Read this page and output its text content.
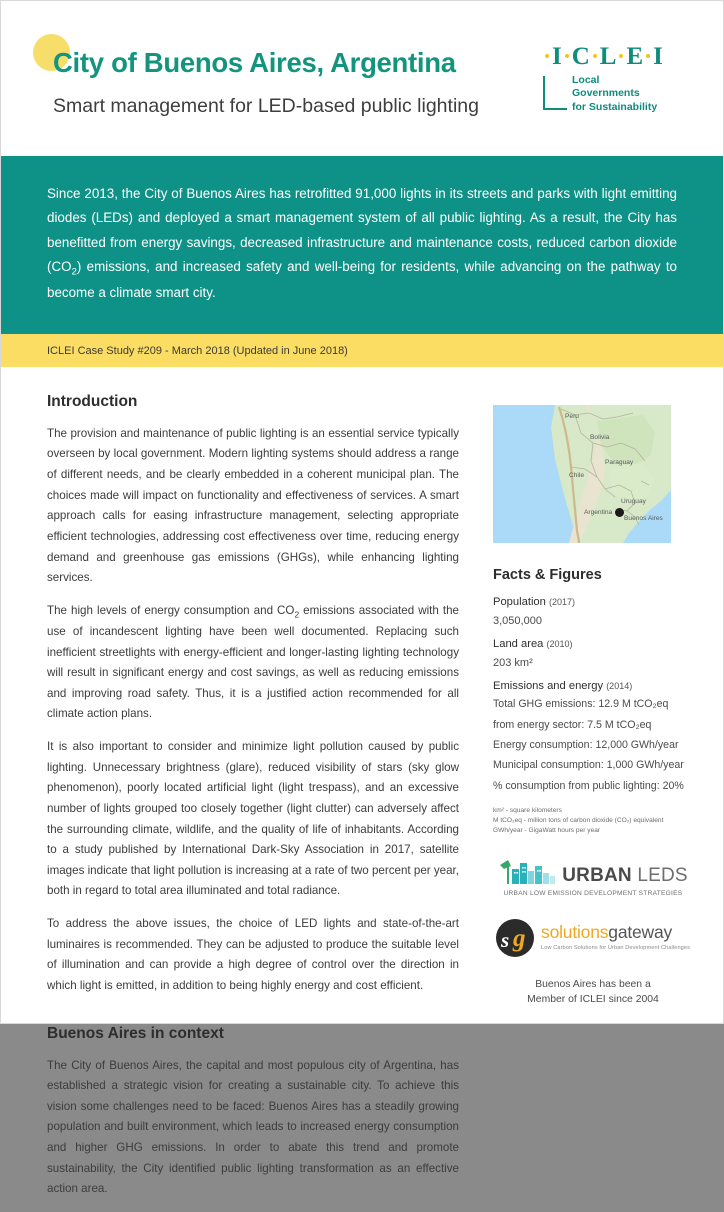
City of Buenos Aires, Argentina

Smart management for LED-based public lighting

I C L E I
Local
Governments
for Sustainability

Since 2013, the City of Buenos Aires has retrofitted 91,000 lights in its streets and parks with light emitting diodes (LEDs) and deployed a smart management system of all public lighting. As a result, the City has benefitted from energy savings, decreased infrastructure and maintenance costs, reduced carbon dioxide $(CO_2)$ emissions, and increased safety and well-being for residents, while advancing on the pathway to become a climate smart city.

ICLEI Case Study #209 - March 2018 (Updated in June 2018)
Introduction

The provision and maintenance of public lighting is an essential service typically overseen by local government. Modern lighting systems should address a range of different needs, and be clearly embedded in a coherent municipal plan. The choices made will impact on functionality and effectiveness of services. A smart approach calls for easing infrastructure management, selecting appropriate efficient technologies, addressing cost effectiveness over time, reducing energy demand and greenhouse gas emissions (GHGs), while enhancing lighting services.

The high levels of energy consumption and $CO_2$ emissions associated with the use of incandescent lighting have been well documented. Replacing such inefficient streetlights with energy-efficient and longer-lasting lighting technology will result in significant energy and cost savings, as well as reducing emissions and improving road safety. Thus, it is a justified action recommended for all climate action plans.

It is also important to consider and minimize light pollution caused by public lighting. Unnecessary brightness (glare), reduced visibility of stars (sky glow phenomenon), poorly located artificial light (light trespass), and an excessive number of lights grouped too closely together (light clutter) can adversely affect the surrounding climate, wildlife, and the quality of life of inhabitants. According to a study published by International Dark-Sky Association in 2017, satellite images indicate that light pollution is increasing at a rate of two percent per year, both in regard to total area illuminated and total radiance.

To address the above issues, the choice of LED lights and state-of-the-art luminaires is recommended. They can be adjusted to produce the suitable level of illumination and can provide a high degree of control over the direction in which light is emitted, in addition to being highly energy and cost efficient.

Buenos Aires in context

The City of Buenos Aires, the capital and most populous city of Argentina, has established a strategic vision for creating a sustainable city. To achieve this vision some challenges need to be faced: Buenos Aires has a steadily growing population and built environment, which leads to increased energy consumption and higher GHG emissions. In order to abate this trend and promote sustainability, the City identified public lighting transformation as an effective action area.

Peru
Bolivia
Paraguay
Chile
Uruguay
Argentina
Buenos Aires
Facts & Figures

Population (2017)

3,050,000

Land area (2010)

203 km²

Emissions and energy (2014)

Total GHG emissions: 12.9 M tCO₂eq

from energy sector: 7.5 M tCO₂eq

Energy consumption: 12,000 GWh/year

Municipal consumption: 1,000 GWh/year

% consumption from public lighting: 20%

km² - square kilometers

M tCO₂eq - million tons of carbon dioxide (CO₂) equivalent

GWh/year - GigaWatt hours per year

URBAN LEDS
URBAN LOW EMISSION DEVELOPMENT STRATEGIES
s g solutionsgateway
Low Carbon Solutions for Urban Development Challenges
Buenos Aires has been a
Member of ICLEI since 2004
